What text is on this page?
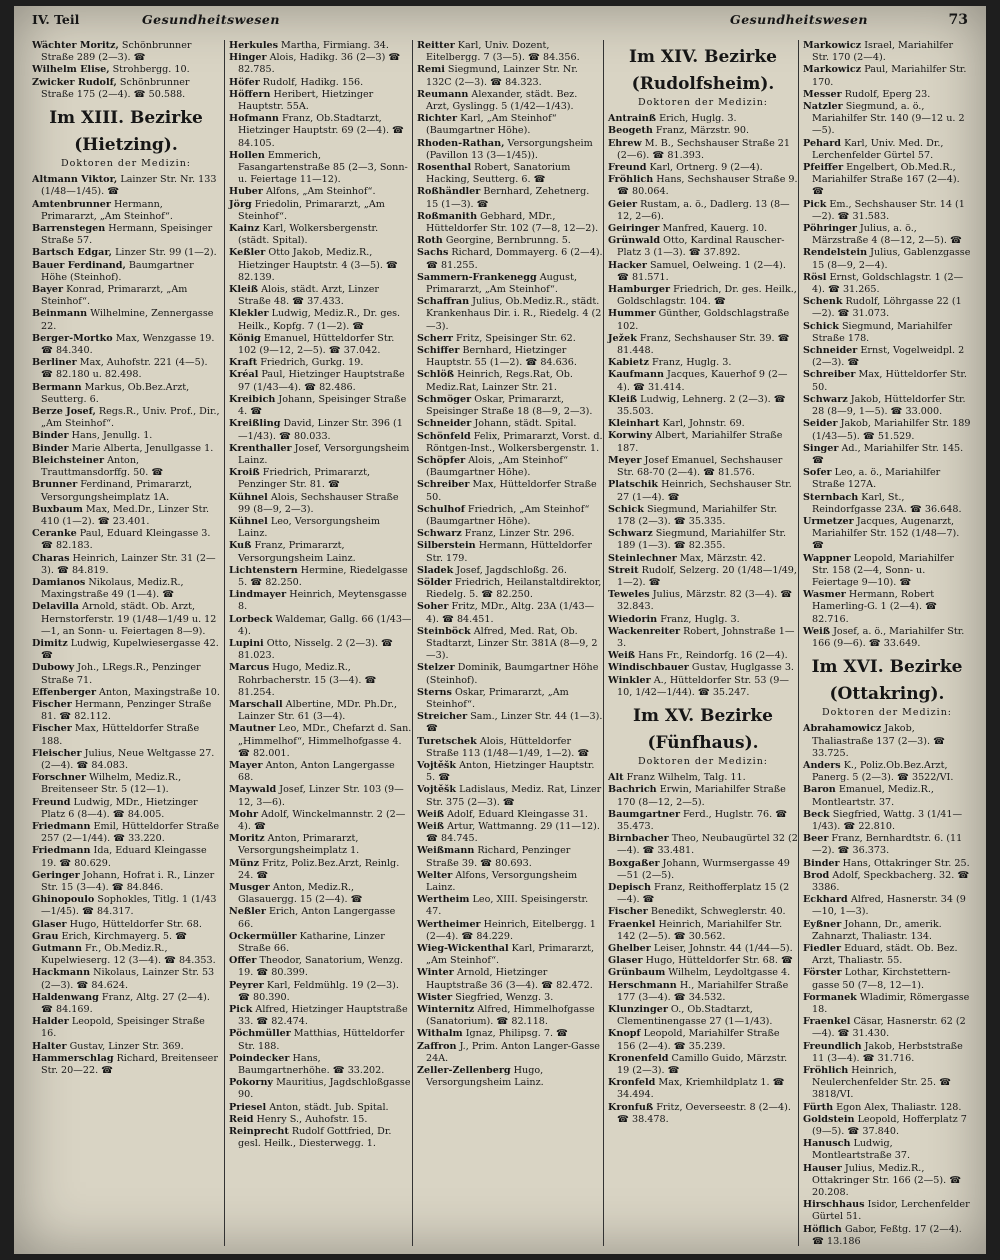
IV. Teil	Gesundheitswesen	Gesundheitswesen	73

Wächter Moritz, Schönbrunner Straße 289 (2—3). ☎

Wilhelm Elise, Strohbergg. 10.

Zwicker Rudolf, Schönbrunner Straße 175 (2—4). ☎ 50.588.

Im XIII. Bezirke
(Hietzing).
Doktoren der Medizin:

Altmann Viktor, Lainzer Str. Nr. 133 (1/48—1/45). ☎

Amtenbrunner Hermann, Primararzt, „Am Steinhof“.

Barrenstegen Hermann, Speisinger Straße 57.

Bartsch Edgar, Linzer Str. 99 (1—2).

Bauer Ferdinand, Baumgartner Höhe (Steinhof).

Bayer Konrad, Primararzt, „Am Steinhof“.

Beinmann Wilhelmine, Zennergasse 22.

Berger-Mortko Max, Wenzgasse 19. ☎ 84.340.

Berliner Max, Auhofstr. 221 (4—5). ☎ 82.180 u. 82.498.

Bermann Markus, Ob.Bez.Arzt, Seutterg. 6.

Berze Josef, Regs.R., Univ. Prof., Dir., „Am Steinhof“.

Binder Hans, Jenullg. 1.

Binder Marie Alberta, Jenullgasse 1.

Bleichsteiner Anton, Trauttmansdorffg. 50. ☎

Brunner Ferdinand, Primararzt, Versorgungsheimplatz 1A.

Buxbaum Max, Med.Dr., Linzer Str. 410 (1—2). ☎ 23.401.

Ceranke Paul, Eduard Kleingasse 3. ☎ 82.183.

Charas Heinrich, Lainzer Str. 31 (2—3). ☎ 84.819.

Damianos Nikolaus, Mediz.R., Maxingstraße 49 (1—4). ☎

Delavilla Arnold, städt. Ob. Arzt, Hernstorferstr. 19 (1/48—1/49 u. 12—1, an Sonn- u. Feiertagen 8—9).

Dimitz Ludwig, Kupelwiesergasse 42. ☎

Dubowy Joh., LRegs.R., Penzinger Straße 71.

Effenberger Anton, Maxingstraße 10.

Fischer Hermann, Penzinger Straße 81. ☎ 82.112.

Fischer Max, Hütteldorfer Straße 188.

Fleischer Julius, Neue Weltgasse 27. (2—4). ☎ 84.083.

Forschner Wilhelm, Mediz.R., Breitenseer Str. 5 (12—1).

Freund Ludwig, MDr., Hietzinger Platz 6 (8—4). ☎ 84.005.

Friedmann Emil, Hütteldorfer Straße 257 (2—1/44). ☎ 33.220.

Friedmann Ida, Eduard Kleingasse 19. ☎ 80.629.

Geringer Johann, Hofrat i. R., Linzer Str. 15 (3—4). ☎ 84.846.

Ghinopoulo Sophokles, Titlg. 1 (1/43—1/45). ☎ 84.317.

Glaser Hugo, Hütteldorfer Str. 68.

Grau Erich, Kirchmayerg. 5. ☎

Gutmann Fr., Ob.Mediz.R., Kupelwieserg. 12 (3—4). ☎ 84.353.

Hackmann Nikolaus, Lainzer Str. 53 (2—3). ☎ 84.624.

Haldenwang Franz, Altg. 27 (2—4). ☎ 84.169.

Halder Leopold, Speisinger Straße 16.

Halter Gustav, Linzer Str. 369.

Hammerschlag Richard, Breitenseer Str. 20—22. ☎

Herkules Martha, Firmiang. 34.

Hinger Alois, Hadikg. 36 (2—3) ☎ 82.785.

Höfer Rudolf, Hadikg. 156.

Höffern Heribert, Hietzinger Hauptstr. 55A.

Hofmann Franz, Ob.Stadtarzt, Hietzinger Hauptstr. 69 (2—4). ☎ 84.105.

Hollen Emmerich, Fasangartenstraße 85 (2—3, Sonn- u. Feiertage 11—12).

Huber Alfons, „Am Steinhof“.

Jörg Friedolin, Primararzt, „Am Steinhof“.

Kainz Karl, Wolkersbergenstr. (städt. Spital).

Keßler Otto Jakob, Mediz.R., Hietzinger Hauptstr. 4 (3—5). ☎ 82.139.

Kleiß Alois, städt. Arzt, Linzer Straße 48. ☎ 37.433.

Klekler Ludwig, Mediz.R., Dr. ges. Heilk., Kopfg. 7 (1—2). ☎

König Emanuel, Hütteldorfer Str. 102 (9—12, 2—5). ☎ 37.042.

Kraft Friedrich, Gurkg. 19.

Kréal Paul, Hietzinger Hauptstraße 97 (1/43—4). ☎ 82.486.

Kreibich Johann, Speisinger Straße 4. ☎

Kreißling David, Linzer Str. 396 (1—1/43). ☎ 80.033.

Krenthaller Josef, Versorgungsheim Lainz.

Kroiß Friedrich, Primararzt, Penzinger Str. 81. ☎

Kühnel Alois, Sechshauser Straße 99 (8—9, 2—3).

Kühnel Leo, Versorgungsheim Lainz.

Kuß Franz, Primararzt, Versorgungsheim Lainz.

Lichtenstern Hermine, Riedelgasse 5. ☎ 82.250.

Lindmayer Heinrich, Meytensgasse 8.

Lorbeck Waldemar, Gallg. 66 (1/43—4).

Lupini Otto, Nisselg. 2 (2—3). ☎ 81.023.

Marcus Hugo, Mediz.R., Rohrbacherstr. 15 (3—4). ☎ 81.254.

Marschall Albertine, MDr. Ph.Dr., Lainzer Str. 61 (3—4).

Mautner Leo, MDr., Chefarzt d. San. „Himmelhof“, Himmelhofgasse 4. ☎ 82.001.

Mayer Anton, Anton Langergasse 68.

Maywald Josef, Linzer Str. 103 (9—12, 3—6).

Mohr Adolf, Winckelmannstr. 2 (2—4). ☎

Moritz Anton, Primararzt, Versorgungsheimplatz 1.

Münz Fritz, Poliz.Bez.Arzt, Reinlg. 24. ☎

Musger Anton, Mediz.R., Glasauergg. 15 (2—4). ☎

Neßler Erich, Anton Langergasse 66.

Ockermüller Katharine, Linzer Straße 66.

Offer Theodor, Sanatorium, Wenzg. 19. ☎ 80.399.

Peyrer Karl, Feldmühlg. 19 (2—3). ☎ 80.390.

Pick Alfred, Hietzinger Hauptstraße 33. ☎ 82.474.

Pöchmüller Matthias, Hütteldorfer Str. 188.

Poindecker Hans, Baumgartnerhöhe. ☎ 33.202.

Pokorny Mauritius, Jagdschloßgasse 90.

Priesel Anton, städt. Jub. Spital.

Reid Henry S., Auhofstr. 15.

Reinprecht Rudolf Gottfried, Dr. gesl. Heilk., Diesterwegg. 1.

Reitter Karl, Univ. Dozent, Eitelbergg. 7 (3—5). ☎ 84.356.

Remi Siegmund, Lainzer Str. Nr. 132C (2—3). ☎ 84.323.

Reumann Alexander, städt. Bez. Arzt, Gyslingg. 5 (1/42—1/43).

Richter Karl, „Am Steinhof“ (Baumgartner Höhe).

Rhoden-Rathan, Versorgungsheim (Pavillon 13 (3—1/45)).

Rosenthal Robert, Sanatorium Hacking, Seutterg. 6. ☎

Roßhändler Bernhard, Zehetnerg. 15 (1—3). ☎

Roßmanith Gebhard, MDr., Hütteldorfer Str. 102 (7—8, 12—2).

Roth Georgine, Bernbrunng. 5.

Sachs Richard, Dommayerg. 6 (2—4). ☎ 81.255.

Sammern-Frankenegg August, Primararzt, „Am Steinhof“.

Schaffran Julius, Ob.Mediz.R., städt. Krankenhaus Dir. i. R., Riedelg. 4 (2—3).

Scherr Fritz, Speisinger Str. 62.

Schiffer Bernhard, Hietzinger Hauptstr. 55 (1—2). ☎ 84.636.

Schlöß Heinrich, Regs.Rat, Ob. Mediz.Rat, Lainzer Str. 21.

Schmöger Oskar, Primararzt, Speisinger Straße 18 (8—9, 2—3).

Schneider Johann, städt. Spital.

Schönfeld Felix, Primararzt, Vorst. d. Röntgen-Inst., Wolkersbergenstr. 1.

Schöpfer Alois, „Am Steinhof“ (Baumgartner Höhe).

Schreiber Max, Hütteldorfer Straße 50.

Schulhof Friedrich, „Am Steinhof“ (Baumgartner Höhe).

Schwarz Franz, Linzer Str. 296.

Silberstein Hermann, Hütteldorfer Str. 179.

Sladek Josef, Jagdschloßg. 26.

Sölder Friedrich, Heilanstaltdirektor, Riedelg. 5. ☎ 82.250.

Soher Fritz, MDr., Altg. 23A (1/43—4). ☎ 84.451.

Steinböck Alfred, Med. Rat, Ob. Stadtarzt, Linzer Str. 381A (8—9, 2—3).

Stelzer Dominik, Baumgartner Höhe (Steinhof).

Sterns Oskar, Primararzt, „Am Steinhof“.

Streicher Sam., Linzer Str. 44 (1—3). ☎

Turetschek Alois, Hütteldorfer Straße 113 (1/48—1/49, 1—2). ☎

Vojtěšk Anton, Hietzinger Hauptstr. 5. ☎

Vojtěšk Ladislaus, Mediz. Rat, Linzer Str. 375 (2—3). ☎

Weiß Adolf, Eduard Kleingasse 31.

Weiß Artur, Wattmanng. 29 (11—12). ☎ 84.745.

Weißmann Richard, Penzinger Straße 39. ☎ 80.693.

Welter Alfons, Versorgungsheim Lainz.

Wertheim Leo, XIII. Speisingerstr. 47.

Wertheimer Heinrich, Eitelbergg. 1 (2—4). ☎ 84.229.

Wieg-Wickenthal Karl, Primararzt, „Am Steinhof“.

Winter Arnold, Hietzinger Hauptstraße 36 (3—4). ☎ 82.472.

Wister Siegfried, Wenzg. 3.

Winternitz Alfred, Himmelhofgasse (Sanatorium). ☎ 82.118.

Withalm Ignaz, Philipsg. 7. ☎

Zaffron J., Prim. Anton Langer-Gasse 24A.

Zeller-Zellenberg Hugo, Versorgungsheim Lainz.

Im XIV. Bezirke
(Rudolfsheim).
Doktoren der Medizin:

Antrainß Erich, Huglg. 3.

Beogeth Franz, Märzstr. 90.

Ehrew M. B., Sechshauser Straße 21 (2—6). ☎ 81.393.

Freund Karl, Ortnerg. 9 (2—4).

Fröhlich Hans, Sechshauser Straße 9. ☎ 80.064.

Geier Rustam, a. ö., Dadlerg. 13 (8—12, 2—6).

Geiringer Manfred, Kauerg. 10.

Grünwald Otto, Kardinal Rauscher-Platz 3 (1—3). ☎ 37.892.

Hacker Samuel, Oelweing. 1 (2—4). ☎ 81.571.

Hamburger Friedrich, Dr. ges. Heilk., Goldschlagstr. 104. ☎

Hummer Günther, Goldschlagstraße 102.

Ježek Franz, Sechshauser Str. 39. ☎ 81.448.

Kabietz Franz, Huglg. 3.

Kaufmann Jacques, Kauerhof 9 (2—4). ☎ 31.414.

Kleiß Ludwig, Lehnerg. 2 (2—3). ☎ 35.503.

Kleinhart Karl, Johnstr. 69.

Korwiny Albert, Mariahilfer Straße 187.

Meyer Josef Emanuel, Sechshauser Str. 68-70 (2—4). ☎ 81.576.

Platschik Heinrich, Sechshauser Str. 27 (1—4). ☎

Schick Siegmund, Mariahilfer Str. 178 (2—3). ☎ 35.335.

Schwarz Siegmund, Mariahilfer Str. 189 (1—3). ☎ 82.355.

Steinlechner Max, Märzstr. 42.

Streit Rudolf, Selzerg. 20 (1/48—1/49, 1—2). ☎

Teweles Julius, Märzstr. 82 (3—4). ☎ 32.843.

Wiedorin Franz, Huglg. 3.

Wackenreiter Robert, Johnstraße 1—3.

Weiß Hans Fr., Reindorfg. 16 (2—4).

Windischbauer Gustav, Huglgasse 3.

Winkler A., Hütteldorfer Str. 53 (9—10, 1/42—1/44). ☎ 35.247.

Im XV. Bezirke
(Fünfhaus).
Doktoren der Medizin:

Alt Franz Wilhelm, Talg. 11.

Bachrich Erwin, Mariahilfer Straße 170 (8—12, 2—5).

Baumgartner Ferd., Huglstr. 76. ☎ 35.473.

Birnbacher Theo, Neubaugürtel 32 (2—4). ☎ 33.481.

Boxgaßer Johann, Wurmsergasse 49—51 (2—5).

Depisch Franz, Reithofferplatz 15 (2—4). ☎

Fischer Benedikt, Schweglerstr. 40.

Fraenkel Heinrich, Mariahilfer Str. 142 (2—5). ☎ 30.562.

Ghelber Leiser, Johnstr. 44 (1/44—5).

Glaser Hugo, Hütteldorfer Str. 68. ☎

Grünbaum Wilhelm, Leydoltgasse 4.

Herschmann H., Mariahilfer Straße 177 (3—4). ☎ 34.532.

Klunzinger O., Ob.Stadtarzt, Clementinengasse 27 (1—1/43).

Knopf Leopold, Mariahilfer Straße 156 (2—4). ☎ 35.239.

Kronenfeld Camillo Guido, Märzstr. 19 (2—3). ☎

Kronfeld Max, Kriemhildplatz 1. ☎ 34.494.

Kronfuß Fritz, Oeverseestr. 8 (2—4). ☎ 38.478.

Markowicz Israel, Mariahilfer Str. 170 (2—4).

Markowicz Paul, Mariahilfer Str. 170.

Messer Rudolf, Eperg 23.

Natzler Siegmund, a. ö., Mariahilfer Str. 140 (9—12 u. 2—5).

Pehard Karl, Univ. Med. Dr., Lerchenfelder Gürtel 57.

Pfeiffer Engelbert, Ob.Med.R., Mariahilfer Straße 167 (2—4). ☎

Pick Em., Sechshauser Str. 14 (1—2). ☎ 31.583.

Pöhringer Julius, a. ö., Märzstraße 4 (8—12, 2—5). ☎

Rendelstein Julius, Gablenzgasse 15 (8—9, 2—4).

Rösl Ernst, Goldschlagstr. 1 (2—4). ☎ 31.265.

Schenk Rudolf, Löhrgasse 22 (1—2). ☎ 31.073.

Schick Siegmund, Mariahilfer Straße 178.

Schneider Ernst, Vogelweidpl. 2 (2—3). ☎

Schreiber Max, Hütteldorfer Str. 50.

Schwarz Jakob, Hütteldorfer Str. 28 (8—9, 1—5). ☎ 33.000.

Seider Jakob, Mariahilfer Str. 189 (1/43—5). ☎ 51.529.

Singer Ad., Mariahilfer Str. 145. ☎

Sofer Leo, a. ö., Mariahilfer Straße 127A.

Sternbach Karl, St., Reindorfgasse 23A. ☎ 36.648.

Urmetzer Jacques, Augenarzt, Mariahilfer Str. 152 (1/48—7). ☎

Wappner Leopold, Mariahilfer Str. 158 (2—4, Sonn- u. Feiertage 9—10). ☎

Wasmer Hermann, Robert Hamerling-G. 1 (2—4). ☎ 82.716.

Weiß Josef, a. ö., Mariahilfer Str. 166 (9—6). ☎ 33.649.

Im XVI. Bezirke
(Ottakring).
Doktoren der Medizin:

Abrahamowicz Jakob, Thaliastraße 137 (2—3). ☎ 33.725.

Anders K., Poliz.Ob.Bez.Arzt, Panerg. 5 (2—3). ☎ 3522/VI.

Baron Emanuel, Mediz.R., Montleartstr. 37.

Beck Siegfried, Wattg. 3 (1/41—1/43). ☎ 22.810.

Beer Franz, Bernhardtstr. 6. (11—2). ☎ 36.373.

Binder Hans, Ottakringer Str. 25.

Brod Adolf, Speckbacherg. 32. ☎ 3386.

Eckhard Alfred, Hasnerstr. 34 (9—10, 1—3).

Eyßner Johann, Dr., amerik. Zahnarzt, Thaliastr. 134.

Fiedler Eduard, städt. Ob. Bez. Arzt, Thaliastr. 55.

Förster Lothar, Kirchstettern-gasse 50 (7—8, 12—1).

Formanek Wladimir, Römergasse 18.

Fraenkel Cäsar, Hasnerstr. 62 (2—4). ☎ 31.430.

Freundlich Jakob, Herbststraße 11 (3—4). ☎ 31.716.

Fröhlich Heinrich, Neulerchenfelder Str. 25. ☎ 3818/VI.

Fürth Egon Alex, Thaliastr. 128.

Goldstein Leopold, Hofferplatz 7 (9—5). ☎ 37.840.

Hanusch Ludwig, Montleartstraße 37.

Hauser Julius, Mediz.R., Ottakringer Str. 166 (2—5). ☎ 20.208.

Hirschhaus Isidor, Lerchenfelder Gürtel 51.

Höflich Gabor, Feßtg. 17 (2—4). ☎ 13.186
